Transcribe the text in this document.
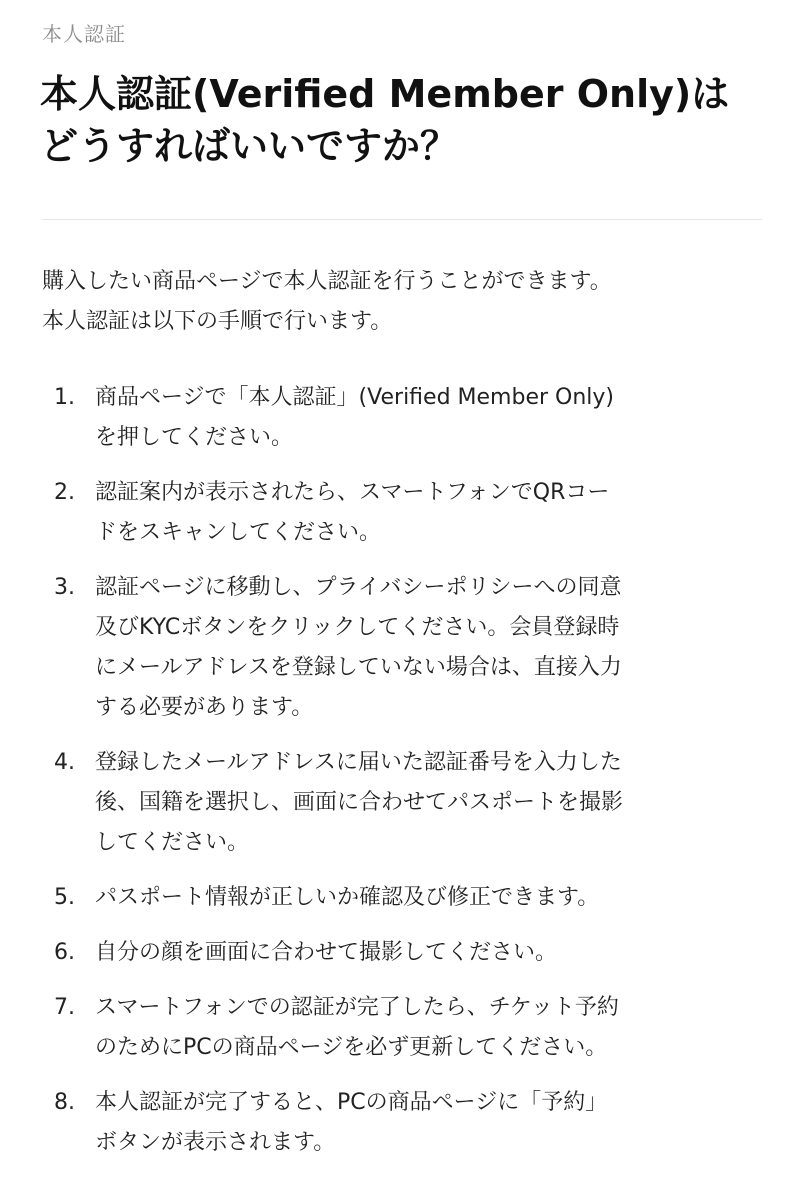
本人認証
本人認証(Verified Member Only)は
どうすればいいですか？
購入したい商品ページで本人認証を行うことができます。
本人認証は以下の手順で行います。
1. 商品ページで「本人認証」(Verified Member Only)
を押してください。
2. 認証案内が表示されたら、スマートフォンでQRコー
ドをスキャンしてください。
3. 認証ページに移動し、プライバシーポリシーへの同意
及びKYCボタンをクリックしてください。会員登録時
にメールアドレスを登録していない場合は、直接入力
する必要があります。
4. 登録したメールアドレスに届いた認証番号を入力した
後、国籍を選択し、画面に合わせてパスポートを撮影
してください。
5. パスポート情報が正しいか確認及び修正できます。
6. 自分の顔を画面に合わせて撮影してください。
7. スマートフォンでの認証が完了したら、チケット予約
のためにPCの商品ページを必ず更新してください。
8. 本人認証が完了すると、PCの商品ページに「予約」
ボタンが表示されます。
